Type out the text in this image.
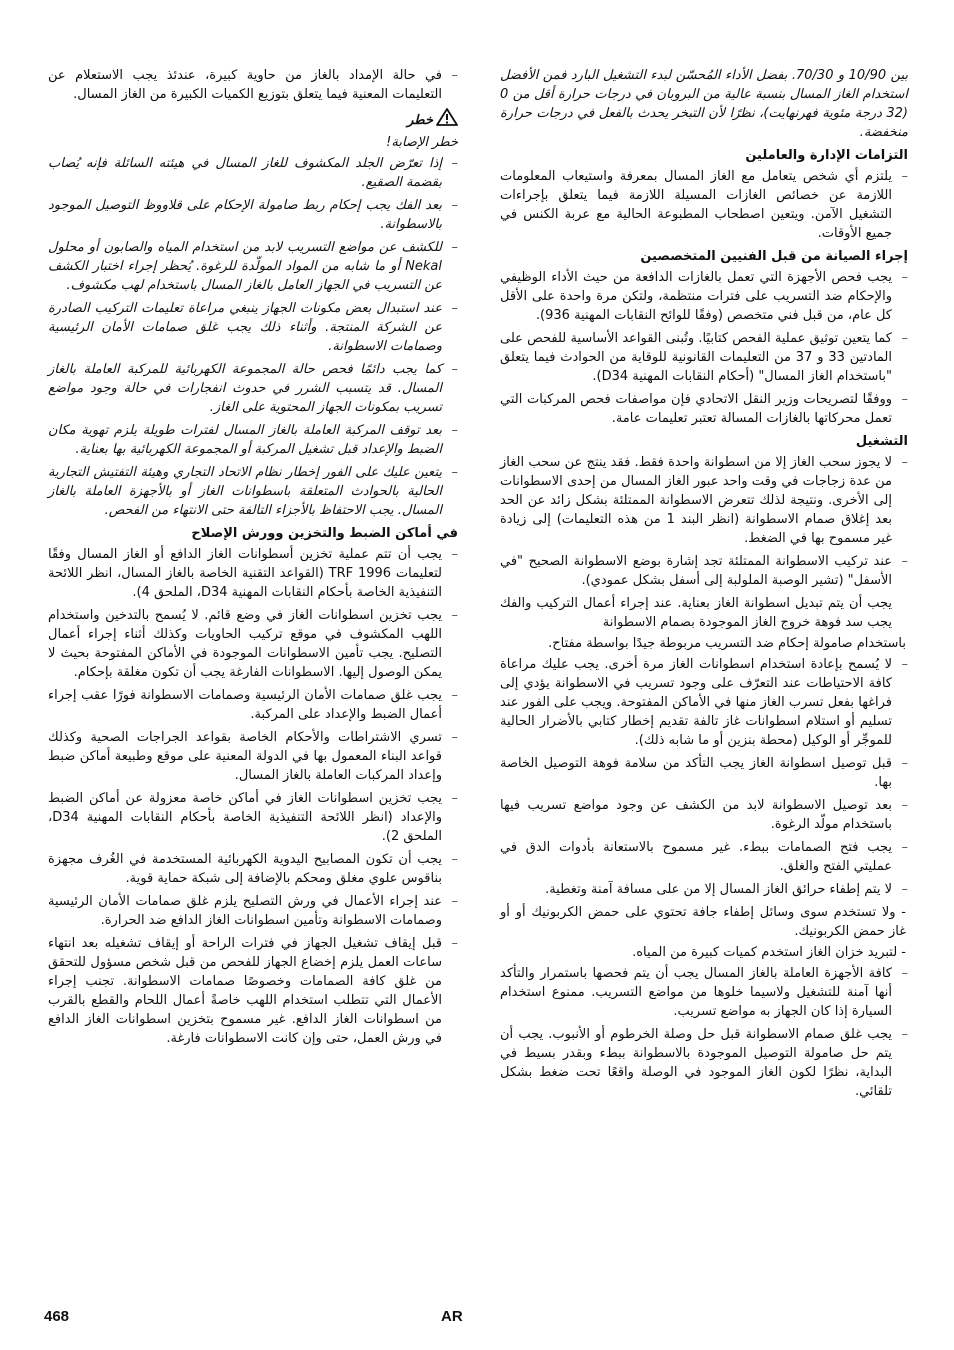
بين 10/90 و 70/30. بفضل الأداء المُحسّن لبدء التشغيل البارد فمن الأفضل استخدام الغاز المسال بنسبة عالية من البروبان في درجات حرارة أقل من 0 (32 درجة مئوية فهرنهايت)، نظرًا لأن التبخر يحدث بالفعل في درجات حرارة منخفضة.

التزامات الإدارة والعاملين
–
يلتزم أي شخص يتعامل مع الغاز المسال بمعرفة واستيعاب المعلومات اللازمة عن خصائص الغازات المسيلة اللازمة فيما يتعلق بإجراءات التشغيل الآمن. ويتعين اصطحاب المطبوعة الحالية مع عربة الكنس في جميع الأوقات.
إجراء الصيانة من قبل الفنيين المتخصصين
–
يجب فحص الأجهزة التي تعمل بالغازات الدافعة من حيث الأداء الوظيفي والإحكام ضد التسريب على فترات منتظمة، ولتكن مرة واحدة على الأقل كل عام، من قبل فني متخصص (وفقًا للوائح النقابات المهنية 936).
–
كما يتعين توثيق عملية الفحص كتابيًا. وتُبنى القواعد الأساسية للفحص على المادتين 33 و 37 من التعليمات القانونية للوقاية من الحوادث فيما يتعلق "باستخدام الغاز المسال" (أحكام النقابات المهنية D34).
–
ووفقًا لتصريحات وزير النقل الاتحادي فإن مواصفات فحص المركبات التي تعمل محركاتها بالغازات المسالة تعتبر تعليمات عامة.
التشغيل
–
لا يجوز سحب الغاز إلا من اسطوانة واحدة فقط. فقد ينتج عن سحب الغاز من عدة زجاجات في وقت واحد عبور الغاز المسال من إحدى الاسطوانات إلى الأخرى. ونتيجة لذلك تتعرض الاسطوانة الممتلئة بشكل زائد عن الحد بعد إغلاق صمام الاسطوانة (انظر البند 1 من هذه التعليمات) إلى زيادة غير مسموح بها في الضغط.
–
عند تركيب الاسطوانة الممتلئة تجد إشارة بوضع الاسطوانة الصحيح "في الأسفل" (تشير الوصبة الملولبة إلى أسفل بشكل عمودي).

يجب أن يتم تبديل اسطوانة الغاز بعناية. عند إجراء أعمال التركيب والفك يجب سد فوهة خروج الغاز الموجودة بصمام الاسطوانة

باستخدام صامولة إحكام ضد التسريب مربوطة جيدًا بواسطة مفتاح.

–
لا يُسمح بإعادة استخدام اسطوانات الغاز مرة أخرى. يجب عليك مراعاة كافة الاحتياطات عند التعرّف على وجود تسريب في الاسطوانة يؤدي إلى فراغها بفعل تسرب الغاز منها في الأماكن المفتوحة. ويجب على الفور عند تسليم أو استلام اسطوانات غاز تالفة تقديم إخطار كتابي بالأضرار الحالية للموجِّر أو الوكيل (محطة بنزين أو ما شابه ذلك).
–
قبل توصيل اسطوانة الغاز يجب التأكد من سلامة فوهة التوصيل الخاصة بها.
–
بعد توصيل الاسطوانة لابد من الكشف عن وجود مواضع تسريب فيها باستخدام مولّد الرغوة.
–
يجب فتح الصمامات ببطء. غير مسموح بالاستعانة بأدوات الدق في عمليتي الفتح والغلق.
–
لا يتم إطفاء حرائق الغاز المسال إلا من على مسافة آمنة وتغطية.

- ولا تستخدم سوى وسائل إطفاء جافة تحتوي على حمض الكربونيك أو أو غاز حمض الكربونيك.

- لتبريد خزان الغاز استخدم كميات كبيرة من المياه.

–
كافة الأجهزة العاملة بالغاز المسال يجب أن يتم فحصها باستمرار والتأكد أنها آمنة للتشغيل ولاسيما خلوها من مواضع التسريب. ممنوع استخدام السيارة إذا كان الجهاز به مواضع تسريب.
–
يجب غلق صمام الاسطوانة قبل حل وصلة الخرطوم أو الأنبوب. يجب أن يتم حل صامولة التوصيل الموجودة بالاسطوانة ببطء وبقدر بسيط في البداية، نظرًا لكون الغاز الموجود في الوصلة واقعًا تحت ضغط بشكل تلقائي.
–
في حالة الإمداد بالغاز من حاوية كبيرة، عندئذ يجب الاستعلام عن التعليمات المعنية فيما يتعلق بتوزيع الكميات الكبيرة من الغاز المسال.
خطر

خطر الإصابة!

–
إذا تعرّض الجلد المكشوف للغاز المسال في هيئته السائلة فإنه يُصاب بقضمة الصقيع.
–
بعد الفك يجب إحكام ربط صامولة الإحكام على قلاووظ التوصيل الموجود بالاسطوانة.
–
للكشف عن مواضع التسريب لابد من استخدام المياه والصابون أو محلول Nekal أو ما شابه من المواد المولّدة للرغوة. يُحظر إجراء اختبار الكشف عن التسريب في الجهاز العامل بالغاز المسال باستخدام لهب مكشوف.
–
عند استبدال بعض مكونات الجهاز ينبغي مراعاة تعليمات التركيب الصادرة عن الشركة المنتجة. وأثناء ذلك يجب غلق صمامات الأمان الرئيسية وصمامات الاسطوانة.
–
كما يجب دائمًا فحص حالة المجموعة الكهربائية للمركبة العاملة بالغاز المسال. قد يتسبب الشرر في حدوث انفجارات في حالة وجود مواضع تسريب بمكونات الجهاز المحتوية على الغاز.
–
بعد توقف المركبة العاملة بالغاز المسال لفترات طويلة يلزم تهوية مكان الضبط والإعداد قبل تشغيل المركبة أو المجموعة الكهربائية بها بعناية.
–
يتعين عليك على الفور إخطار نظام الاتحاد التجاري وهيئة التفتيش التجارية الحالية بالحوادث المتعلقة باسطوانات الغاز أو بالأجهزة العاملة بالغاز المسال. يجب الاحتفاظ بالأجزاء التالفة حتى الانتهاء من الفحص.
في أماكن الضبط والتخزين وورش الإصلاح
–
يجب أن تتم عملية تخزين أسطوانات الغاز الدافع أو الغاز المسال وفقًا لتعليمات TRF 1996 (القواعد التقنية الخاصة بالغاز المسال، انظر اللائحة التنفيذية الخاصة بأحكام النقابات المهنية D34، الملحق 4).
–
يجب تخزين اسطوانات الغاز في وضع قائم. لا يُسمح بالتدخين واستخدام اللهب المكشوف في موقع تركيب الحاويات وكذلك أثناء إجراء أعمال التصليح. يجب تأمين الاسطوانات الموجودة في الأماكن المفتوحة بحيث لا يمكن الوصول إليها. الاسطوانات الفارغة يجب أن تكون مغلقة بإحكام.
–
يجب غلق صمامات الأمان الرئيسية وصمامات الاسطوانة فورًا عقب إجراء أعمال الضبط والإعداد على المركبة.
–
تسري الاشتراطات والأحكام الخاصة بقواعد الجراجات الصحية وكذلك قواعد البناء المعمول بها في الدولة المعنية على موقع وطبيعة أماكن ضبط وإعداد المركبات العاملة بالغاز المسال.
–
يجب تخزين اسطوانات الغاز في أماكن خاصة معزولة عن أماكن الضبط والإعداد (انظر اللائحة التنفيذية الخاصة بأحكام النقابات المهنية D34، الملحق 2).
–
يجب أن تكون المصابيح اليدوية الكهربائية المستخدمة في الغُرف مجهزة بناقوس علوي مغلق ومحكم بالإضافة إلى شبكة حماية قوية.
–
عند إجراء الأعمال في ورش التصليح يلزم غلق صمامات الأمان الرئيسية وصمامات الاسطوانة وتأمين اسطوانات الغاز الدافع ضد الحرارة.
–
قبل إيقاف تشغيل الجهاز في فترات الراحة أو إيقاف تشغيله بعد انتهاء ساعات العمل يلزم إخضاع الجهاز للفحص من قبل شخص مسؤول للتحقق من غلق كافة الصمامات وخصوصًا صمامات الاسطوانة. تجنب إجراء الأعمال التي تتطلب استخدام اللهب خاصةً أعمال اللحام والقطع بالقرب من اسطوانات الغاز الدافع. غير مسموح بتخزين اسطوانات الغاز الدافع في ورش العمل، حتى وإن كانت الاسطوانات فارغة.
468	AR
